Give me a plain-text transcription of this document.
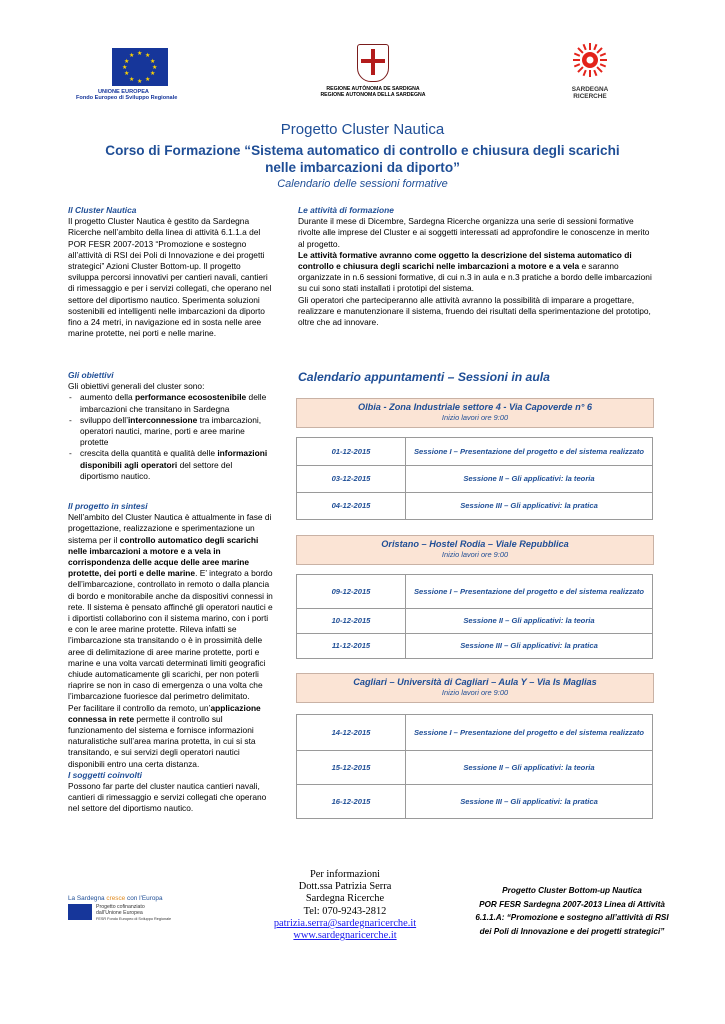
★ ★
★
★
★
★
★
★
★
★
★
★
UNIONE EUROPEA
Fondo Europeo di Sviluppo Regionale
REGIONE AUTÒNOMA DE SARDIGNA
REGIONE AUTONOMA DELLA SARDEGNA
SARDEGNA
RICERCHE
Progetto Cluster Nautica
Corso di Formazione “Sistema automatico di controllo e chiusura degli scarichi nelle imbarcazioni da diporto”
Calendario delle sessioni formative

Il Cluster Nautica

Il progetto Cluster Nautica è gestito da Sardegna Ricerche nell’ambito della linea di attività 6.1.1.a del POR FESR 2007-2013 “Promozione e sostegno all’attività di RSI dei Poli di Innovazione e dei progetti strategici” Azioni Cluster Bottom-up. Il progetto sviluppa percorsi innovativi per cantieri navali, cantieri di rimessaggio e per i servizi collegati, che operano nel settore del diportismo nautico. Sperimenta soluzioni sostenibili ed intelligenti nelle imbarcazioni da diporto fino a 24 metri, in navigazione ed in sosta nelle aree marine protette, nei porti e nelle marine.

Gli obiettivi

Gli obiettivi generali del cluster sono:

- aumento della performance ecosostenibile delle imbarcazioni che transitano in Sardegna
- sviluppo dell’interconnessione tra imbarcazioni, operatori nautici, marine, porti e aree marine protette
- crescita della quantità e qualità delle informazioni disponibili agli operatori del settore del diportismo nautico.

Il progetto in sintesi

Nell’ambito del Cluster Nautica è attualmente in fase di progettazione, realizzazione e sperimentazione un sistema per il controllo automatico degli scarichi nelle imbarcazioni a motore e a vela in corrispondenza delle acque delle aree marine protette, dei porti e delle marine. E’ integrato a bordo dell’imbarcazione, controllato in remoto o dalla plancia di bordo e monitorabile anche da dispositivi connessi in rete. Il sistema è pensato affinché gli operatori nautici e i diportisti collaborino con il sistema marino, con i porti e con le aree marine protette. Rileva infatti se l’imbarcazione sta transitando o è in prossimità delle aree di delimitazione di aree marine protette, porti e marine e una volta varcati determinati limiti geografici chiude automaticamente gli scarichi, per non poterli riaprire se non in caso di emergenza o una volta che l’imbarcazione fuoriesce dal perimetro delimitato.

Per facilitare il controllo da remoto, un’applicazione connessa in rete permette il controllo sul funzionamento del sistema e fornisce informazioni naturalistiche sull’area marina protetta, in cui si sta transitando, e sui servizi degli operatori nautici disponibili entro una certa distanza.

I soggetti coinvolti

Possono far parte del cluster nautica cantieri navali, cantieri di rimessaggio e servizi collegati che operano nel settore del diportismo nautico.

Le attività di formazione

Durante il mese di Dicembre, Sardegna Ricerche organizza una serie di sessioni formative rivolte alle imprese del Cluster e ai soggetti interessati ad approfondire le conoscenze in merito al progetto.

Le attività formative avranno come oggetto la descrizione del sistema automatico di controllo e chiusura degli scarichi nelle imbarcazioni a motore e a vela e saranno organizzate in n.6 sessioni formative, di cui n.3 in aula e n.3 pratiche a bordo delle imbarcazioni su cui sono stati installati i prototipi del sistema.

Gli operatori che parteciperanno alle attività avranno la possibilità di imparare a progettare, realizzare e manutenzionare il sistema, fruendo dei risultati della sperimentazione del prototipo, oltre che ad innovare.

Calendario appuntamenti – Sessioni in aula
Olbia - Zona Industriale settore 4 - Via Capoverde n° 6
Inizio lavori ore 9:00
01-12-2015	Sessione I – Presentazione del progetto e del sistema realizzato
03-12-2015	Sessione II – Gli applicativi: la teoria
04-12-2015	Sessione III – Gli applicativi: la pratica
Oristano – Hostel Rodia – Viale Repubblica
Inizio lavori ore 9:00
09-12-2015	Sessione I – Presentazione del progetto e del sistema realizzato
10-12-2015	Sessione II – Gli applicativi: la teoria
11-12-2015	Sessione III – Gli applicativi: la pratica
Cagliari – Università di Cagliari – Aula Y – Via Is Maglias
Inizio lavori ore 9:00
14-12-2015	Sessione I – Presentazione del progetto e del sistema realizzato
15-12-2015	Sessione II – Gli applicativi: la teoria
16-12-2015	Sessione III – Gli applicativi: la pratica
La Sardegna cresce con l’Europa
Progetto cofinanziato
dall’Unione Europea
FESR Fondo Europeo di Sviluppo Regionale
Per informazioni
Dott.ssa Patrizia Serra
Sardegna Ricerche
Tel: 070-9243-2812
patrizia.serra@sardegnaricerche.it
www.sardegnaricerche.it
Progetto Cluster Bottom-up Nautica
POR FESR Sardegna 2007-2013 Linea di Attività
6.1.1.A: “Promozione e sostegno all’attività di RSI
dei Poli di Innovazione e dei progetti strategici”
